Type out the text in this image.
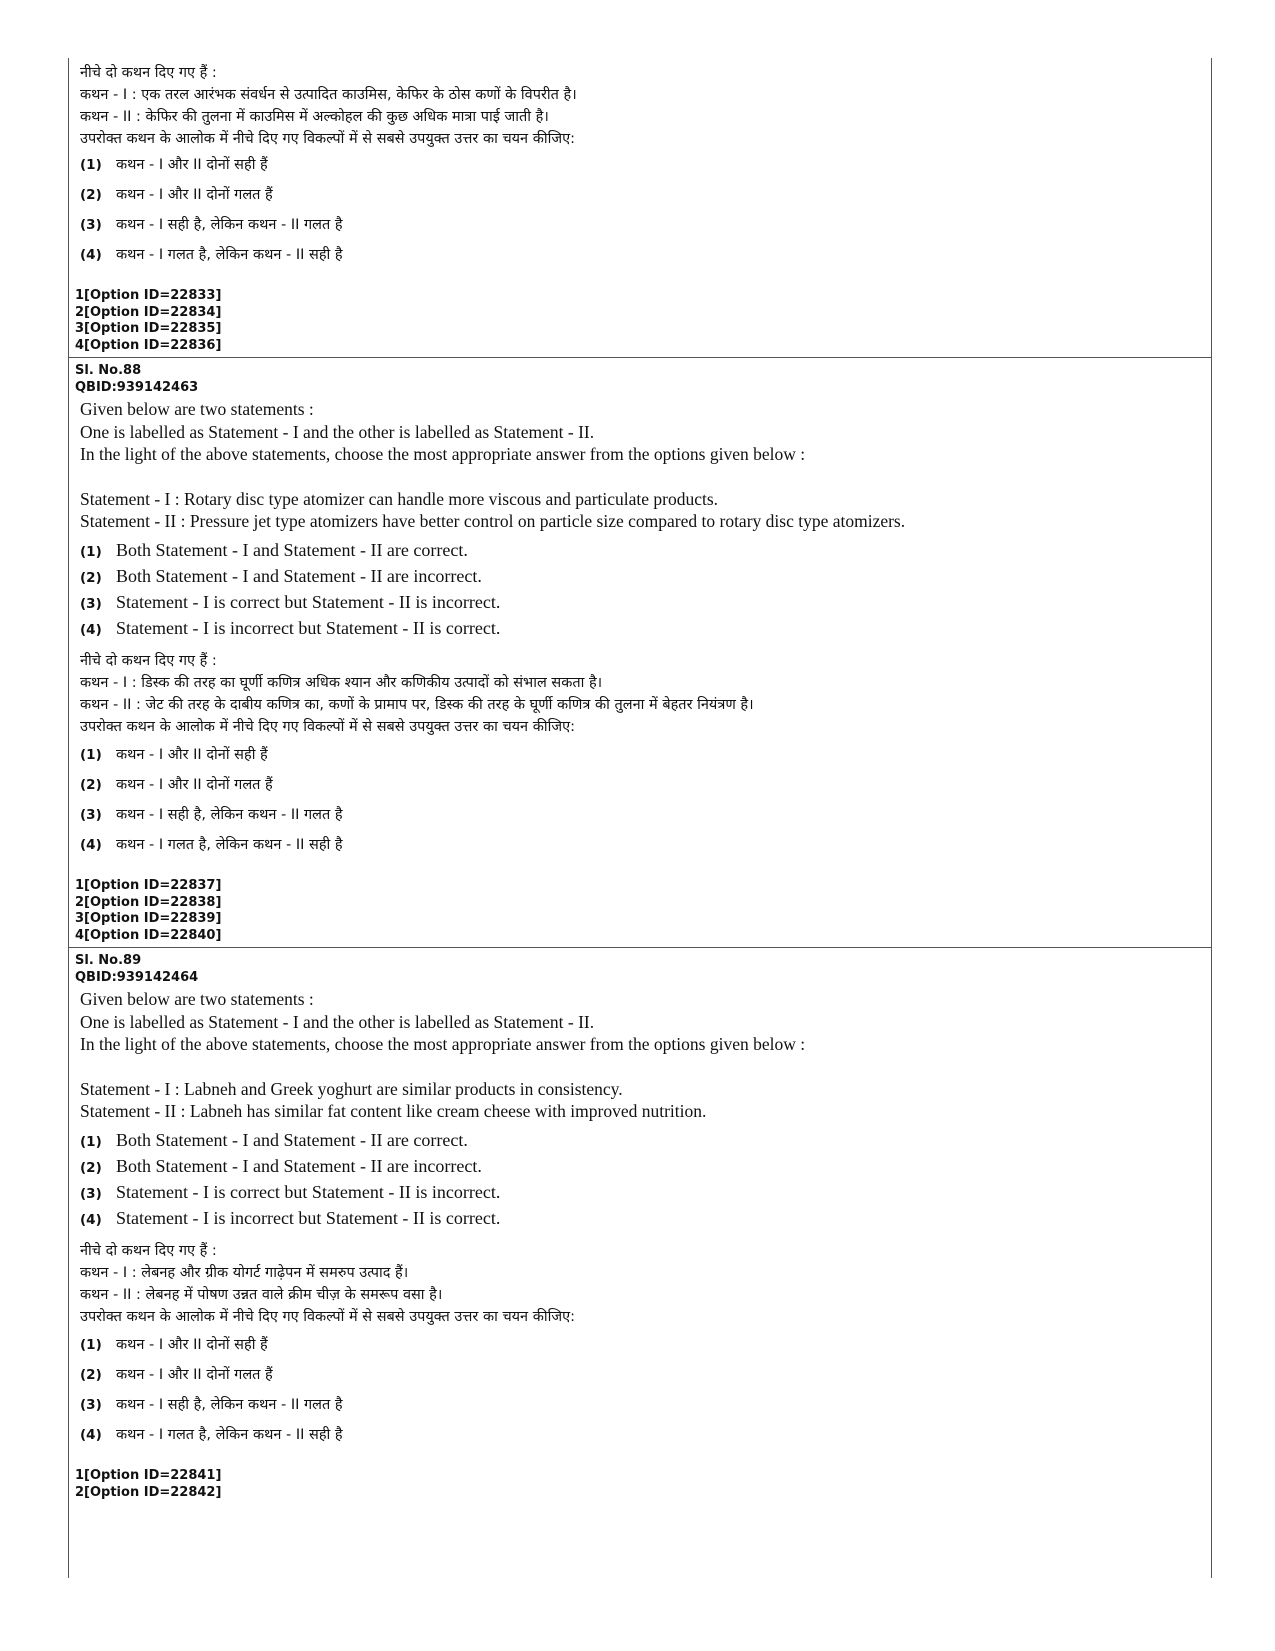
नीचे दो कथन दिए गए हैं :
कथन - I : एक तरल आरंभक संवर्धन से उत्पादित काउमिस, केफिर के ठोस कणों के विपरीत है।
कथन - II : केफिर की तुलना में काउमिस में अल्कोहल की कुछ अधिक मात्रा पाई जाती है।
उपरोक्त कथन के आलोक में नीचे दिए गए विकल्पों में से सबसे उपयुक्त उत्तर का चयन कीजिए:
(1) कथन - I और II दोनों सही हैं
(2) कथन - I और II दोनों गलत हैं
(3) कथन - I सही है, लेकिन कथन - II गलत है
(4) कथन - I गलत है, लेकिन कथन - II सही है
1[Option ID=22833]
2[Option ID=22834]
3[Option ID=22835]
4[Option ID=22836]
Sl. No.88
QBID:939142463
Given below are two statements :
One is labelled as Statement - I and the other is labelled as Statement - II.
In the light of the above statements, choose the most appropriate answer from the options given below :
Statement - I : Rotary disc type atomizer can handle more viscous and particulate products.
Statement - II : Pressure jet type atomizers have better control on particle size compared to rotary disc type atomizers.
(1) Both Statement - I and Statement - II are correct.
(2) Both Statement - I and Statement - II are incorrect.
(3) Statement - I is correct but Statement - II is incorrect.
(4) Statement - I is incorrect but Statement - II is correct.
नीचे दो कथन दिए गए हैं :
कथन - I : डिस्क की तरह का घूर्णी कणित्र अधिक श्यान और कणिकीय उत्पादों को संभाल सकता है।
कथन - II : जेट की तरह के दाबीय कणित्र का, कणों के प्रामाप पर, डिस्क की तरह के घूर्णी कणित्र की तुलना में बेहतर नियंत्रण है।
उपरोक्त कथन के आलोक में नीचे दिए गए विकल्पों में से सबसे उपयुक्त उत्तर का चयन कीजिए:
(1) कथन - I और II दोनों सही हैं
(2) कथन - I और II दोनों गलत हैं
(3) कथन - I सही है, लेकिन कथन - II गलत है
(4) कथन - I गलत है, लेकिन कथन - II सही है
1[Option ID=22837]
2[Option ID=22838]
3[Option ID=22839]
4[Option ID=22840]
Sl. No.89
QBID:939142464
Given below are two statements :
One is labelled as Statement - I and the other is labelled as Statement - II.
In the light of the above statements, choose the most appropriate answer from the options given below :
Statement - I : Labneh and Greek yoghurt are similar products in consistency.
Statement - II : Labneh has similar fat content like cream cheese with improved nutrition.
(1) Both Statement - I and Statement - II are correct.
(2) Both Statement - I and Statement - II are incorrect.
(3) Statement - I is correct but Statement - II is incorrect.
(4) Statement - I is incorrect but Statement - II is correct.
नीचे दो कथन दिए गए हैं :
कथन - I : लेबनह और ग्रीक योगर्ट गाढ़ेपन में समरुप उत्पाद हैं।
कथन - II : लेबनह में पोषण उन्नत वाले क्रीम चीज़ के समरूप वसा है।
उपरोक्त कथन के आलोक में नीचे दिए गए विकल्पों में से सबसे उपयुक्त उत्तर का चयन कीजिए:
(1) कथन - I और II दोनों सही हैं
(2) कथन - I और II दोनों गलत हैं
(3) कथन - I सही है, लेकिन कथन - II गलत है
(4) कथन - I गलत है, लेकिन कथन - II सही है
1[Option ID=22841]
2[Option ID=22842]
